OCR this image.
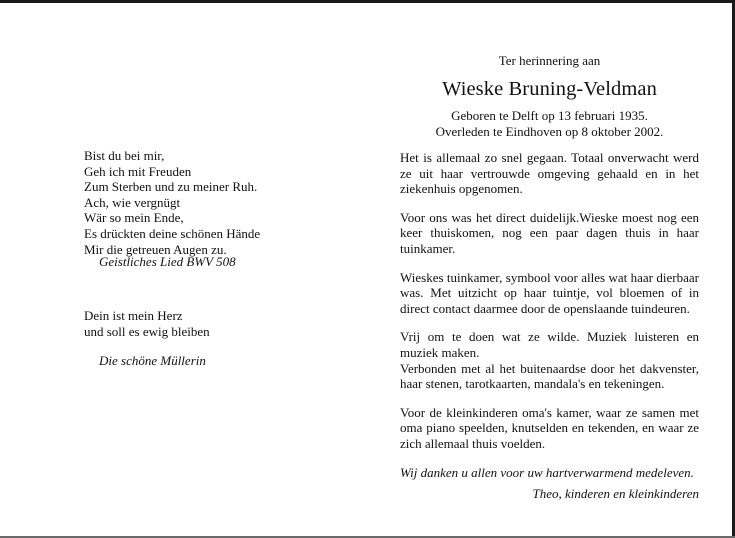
Bist du bei mir,
Geh ich mit Freuden
Zum Sterben und zu meiner Ruh.
Ach, wie vergnügt
Wär so mein Ende,
Es drückten deine schönen Hände
Mir die getreuen Augen zu.
Geistliches Lied BWV 508
Dein ist mein Herz
und soll es ewig bleiben
Die schöne Müllerin
Ter herinnering aan
Wieske Bruning-Veldman
Geboren te Delft op 13 februari 1935.
Overleden te Eindhoven op 8 oktober 2002.

Het is allemaal zo snel gegaan. Totaal onverwacht werd ze uit haar vertrouwde omgeving gehaald en in het ziekenhuis opgenomen.

Voor ons was het direct duidelijk.Wieske moest nog een keer thuiskomen, nog een paar dagen thuis in haar tuinkamer.

Wieskes tuinkamer, symbool voor alles wat haar dierbaar was. Met uitzicht op haar tuintje, vol bloemen of in direct contact daarmee door de openslaande tuindeuren.

Vrij om te doen wat ze wilde. Muziek luisteren en muziek maken.

Verbonden met al het buitenaardse door het dakvenster, haar stenen, tarotkaarten, mandala's en tekeningen.

Voor de kleinkinderen oma's kamer, waar ze samen met oma piano speelden, knutselden en tekenden, en waar ze zich allemaal thuis voelden.

Wij danken u allen voor uw hartverwarmend medeleven.

Theo, kinderen en kleinkinderen
